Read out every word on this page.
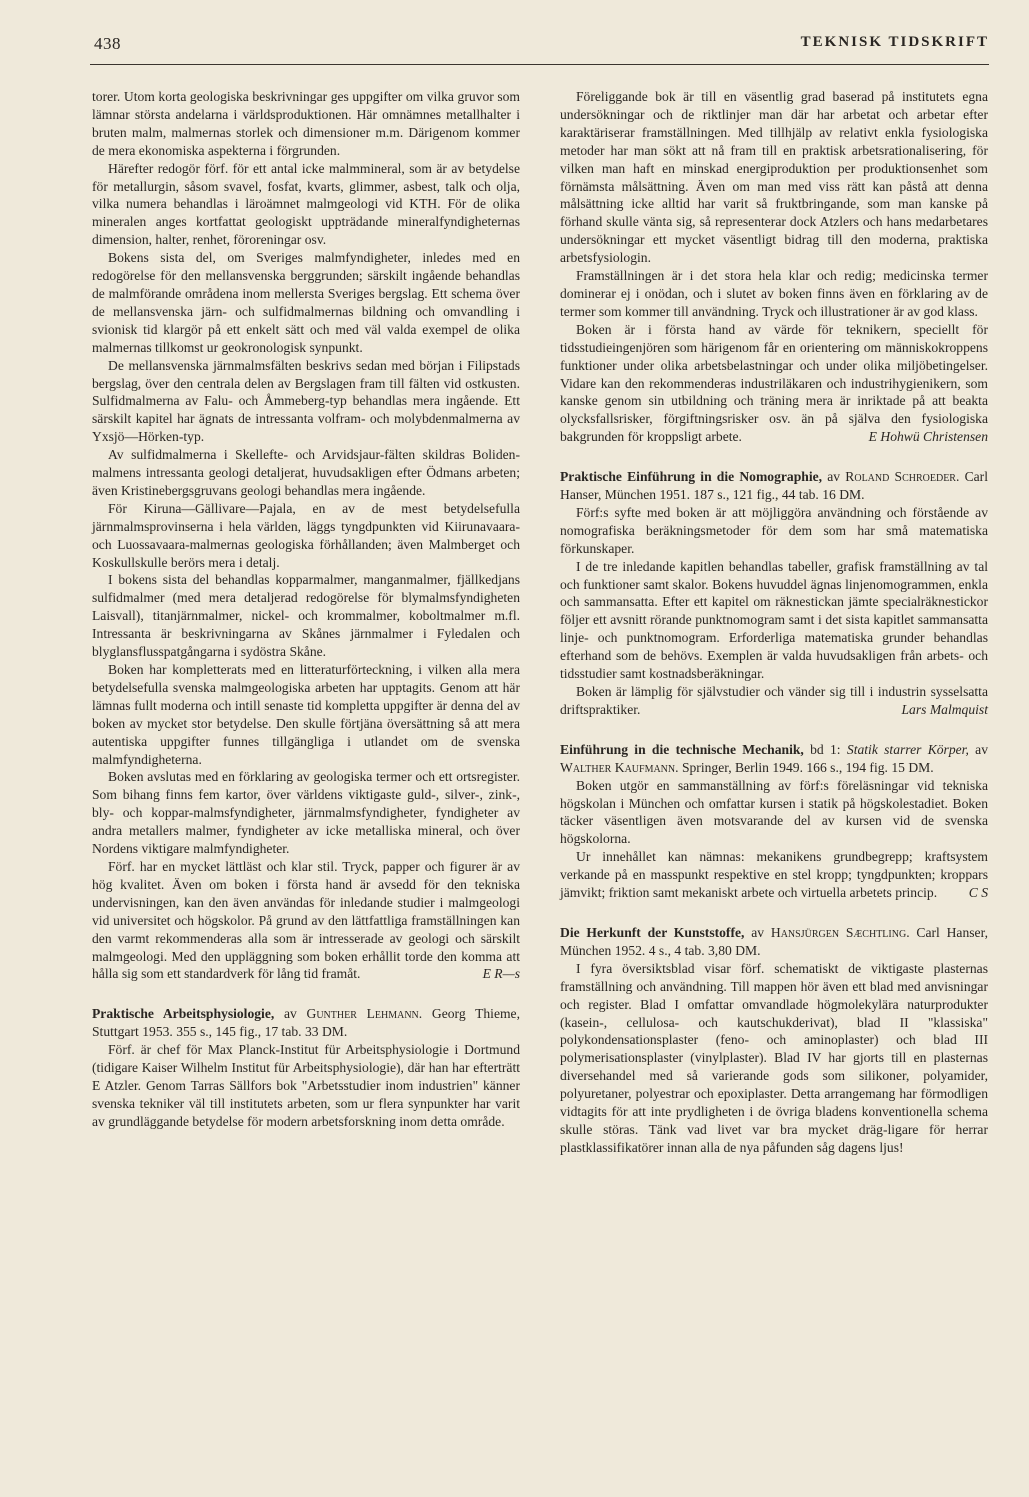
438	TEKNISK TIDSKRIFT

torer. Utom korta geologiska beskrivningar ges uppgifter om vilka gruvor som lämnar största andelarna i världsproduktionen. Här omnämnes metallhalter i bruten malm, malmernas storlek och dimensioner m.m. Därigenom kommer de mera ekonomiska aspekterna i förgrunden.

Härefter redogör förf. för ett antal icke malmmineral, som är av betydelse för metallurgin, såsom svavel, fosfat, kvarts, glimmer, asbest, talk och olja, vilka numera behandlas i läroämnet malmgeologi vid KTH. För de olika mineralen anges kortfattat geologiskt uppträdande mineralfyndigheternas dimension, halter, renhet, föroreningar osv.

Bokens sista del, om Sveriges malmfyndigheter, inledes med en redogörelse för den mellansvenska berggrunden; särskilt ingående behandlas de malmförande områdena inom mellersta Sveriges bergslag. Ett schema över de mellansvenska järn- och sulfidmalmernas bildning och omvandling i svionisk tid klargör på ett enkelt sätt och med väl valda exempel de olika malmernas tillkomst ur geokronologisk synpunkt.

De mellansvenska järnmalmsfälten beskrivs sedan med början i Filipstads bergslag, över den centrala delen av Bergslagen fram till fälten vid ostkusten. Sulfidmalmerna av Falu- och Åmmeberg-typ behandlas mera ingående. Ett särskilt kapitel har ägnats de intressanta volfram- och molybdenmalmerna av Yxsjö—Hörken-typ.

Av sulfidmalmerna i Skellefte- och Arvidsjaur-fälten skildras Boliden-malmens intressanta geologi detaljerat, huvudsakligen efter Ödmans arbeten; även Kristinebergsgruvans geologi behandlas mera ingående.

För Kiruna—Gällivare—Pajala, en av de mest betydelsefulla järnmalmsprovinserna i hela världen, läggs tyngdpunkten vid Kiirunavaara- och Luossavaara-malmernas geologiska förhållanden; även Malmberget och Koskullskulle berörs mera i detalj.

I bokens sista del behandlas kopparmalmer, manganmalmer, fjällkedjans sulfidmalmer (med mera detaljerad redogörelse för blymalmsfyndigheten Laisvall), titanjärnmalmer, nickel- och krommalmer, koboltmalmer m.fl. Intressanta är beskrivningarna av Skånes järnmalmer i Fyledalen och blyglansflusspatgångarna i sydöstra Skåne.

Boken har kompletterats med en litteraturförteckning, i vilken alla mera betydelsefulla svenska malmgeologiska arbeten har upptagits. Genom att här lämnas fullt moderna och intill senaste tid kompletta uppgifter är denna del av boken av mycket stor betydelse. Den skulle förtjäna översättning så att mera autentiska uppgifter funnes tillgängliga i utlandet om de svenska malmfyndigheterna.

Boken avslutas med en förklaring av geologiska termer och ett ortsregister. Som bihang finns fem kartor, över världens viktigaste guld-, silver-, zink-, bly- och koppar-malmsfyndigheter, järnmalmsfyndigheter, fyndigheter av andra metallers malmer, fyndigheter av icke metalliska mineral, och över Nordens viktigare malmfyndigheter.

Förf. har en mycket lättläst och klar stil. Tryck, papper och figurer är av hög kvalitet. Även om boken i första hand är avsedd för den tekniska undervisningen, kan den även användas för inledande studier i malmgeologi vid universitet och högskolor. På grund av den lättfattliga framställningen kan den varmt rekommenderas alla som är intresserade av geologi och särskilt malmgeologi. Med den uppläggning som boken erhållit torde den komma att hålla sig som ett standardverk för lång tid framåt.	E R—s

Praktische Arbeitsphysiologie, av Gunther Lehmann. Georg Thieme, Stuttgart 1953. 355 s., 145 fig., 17 tab. 33 DM.

Förf. är chef för Max Planck-Institut für Arbeitsphysiologie i Dortmund (tidigare Kaiser Wilhelm Institut für Arbeitsphysiologie), där han har efterträtt E Atzler. Genom Tarras Sällfors bok "Arbetsstudier inom industrien" känner svenska tekniker väl till institutets arbeten, som ur flera synpunkter har varit av grundläggande betydelse för modern arbetsforskning inom detta område.

Föreliggande bok är till en väsentlig grad baserad på institutets egna undersökningar och de riktlinjer man där har arbetat och arbetar efter karaktäriserar framställningen. Med tillhjälp av relativt enkla fysiologiska metoder har man sökt att nå fram till en praktisk arbetsrationalisering, för vilken man haft en minskad energiproduktion per produktionsenhet som förnämsta målsättning. Även om man med viss rätt kan påstå att denna målsättning icke alltid har varit så fruktbringande, som man kanske på förhand skulle vänta sig, så representerar dock Atzlers och hans medarbetares undersökningar ett mycket väsentligt bidrag till den moderna, praktiska arbetsfysiologin.

Framställningen är i det stora hela klar och redig; medicinska termer dominerar ej i onödan, och i slutet av boken finns även en förklaring av de termer som kommer till användning. Tryck och illustrationer är av god klass.

Boken är i första hand av värde för teknikern, speciellt för tidsstudieingenjören som härigenom får en orientering om människokroppens funktioner under olika arbetsbelastningar och under olika miljöbetingelser. Vidare kan den rekommenderas industriläkaren och industrihygienikern, som kanske genom sin utbildning och träning mera är inriktade på att beakta olycksfallsrisker, förgiftningsrisker osv. än på själva den fysiologiska bakgrunden för kroppsligt arbete.	E Hohwü Christensen

Praktische Einführung in die Nomographie, av Roland Schroeder. Carl Hanser, München 1951. 187 s., 121 fig., 44 tab. 16 DM.

Förf:s syfte med boken är att möjliggöra användning och förstående av nomografiska beräkningsmetoder för dem som har små matematiska förkunskaper.

I de tre inledande kapitlen behandlas tabeller, grafisk framställning av tal och funktioner samt skalor. Bokens huvuddel ägnas linjenomogrammen, enkla och sammansatta. Efter ett kapitel om räknestickan jämte specialräknestickor följer ett avsnitt rörande punktnomogram samt i det sista kapitlet sammansatta linje- och punktnomogram. Erforderliga matematiska grunder behandlas efterhand som de behövs. Exemplen är valda huvudsakligen från arbets- och tidsstudier samt kostnadsberäkningar.

Boken är lämplig för självstudier och vänder sig till i industrin sysselsatta driftspraktiker.	Lars Malmquist

Einführung in die technische Mechanik, bd 1: Statik starrer Körper, av Walther Kaufmann. Springer, Berlin 1949. 166 s., 194 fig. 15 DM.

Boken utgör en sammanställning av förf:s föreläsningar vid tekniska högskolan i München och omfattar kursen i statik på högskolestadiet. Boken täcker väsentligen även motsvarande del av kursen vid de svenska högskolorna.

Ur innehållet kan nämnas: mekanikens grundbegrepp; kraftsystem verkande på en masspunkt respektive en stel kropp; tyngdpunkten; kroppars jämvikt; friktion samt mekaniskt arbete och virtuella arbetets princip.	C S

Die Herkunft der Kunststoffe, av Hansjürgen Sæchtling. Carl Hanser, München 1952. 4 s., 4 tab. 3,80 DM.

I fyra översiktsblad visar förf. schematiskt de viktigaste plasternas framställning och användning. Till mappen hör även ett blad med anvisningar och register. Blad I omfattar omvandlade högmolekylära naturprodukter (kasein-, cellulosa- och kautschukderivat), blad II "klassiska" polykondensationsplaster (feno- och aminoplaster) och blad III polymerisationsplaster (vinylplaster). Blad IV har gjorts till en plasternas diversehandel med så varierande gods som silikoner, polyamider, polyuretaner, polyestrar och epoxiplaster. Detta arrangemang har förmodligen vidtagits för att inte prydligheten i de övriga bladens konventionella schema skulle störas. Tänk vad livet var bra mycket dräg-ligare för herrar plastklassifikatörer innan alla de nya påfunden såg dagens ljus!
